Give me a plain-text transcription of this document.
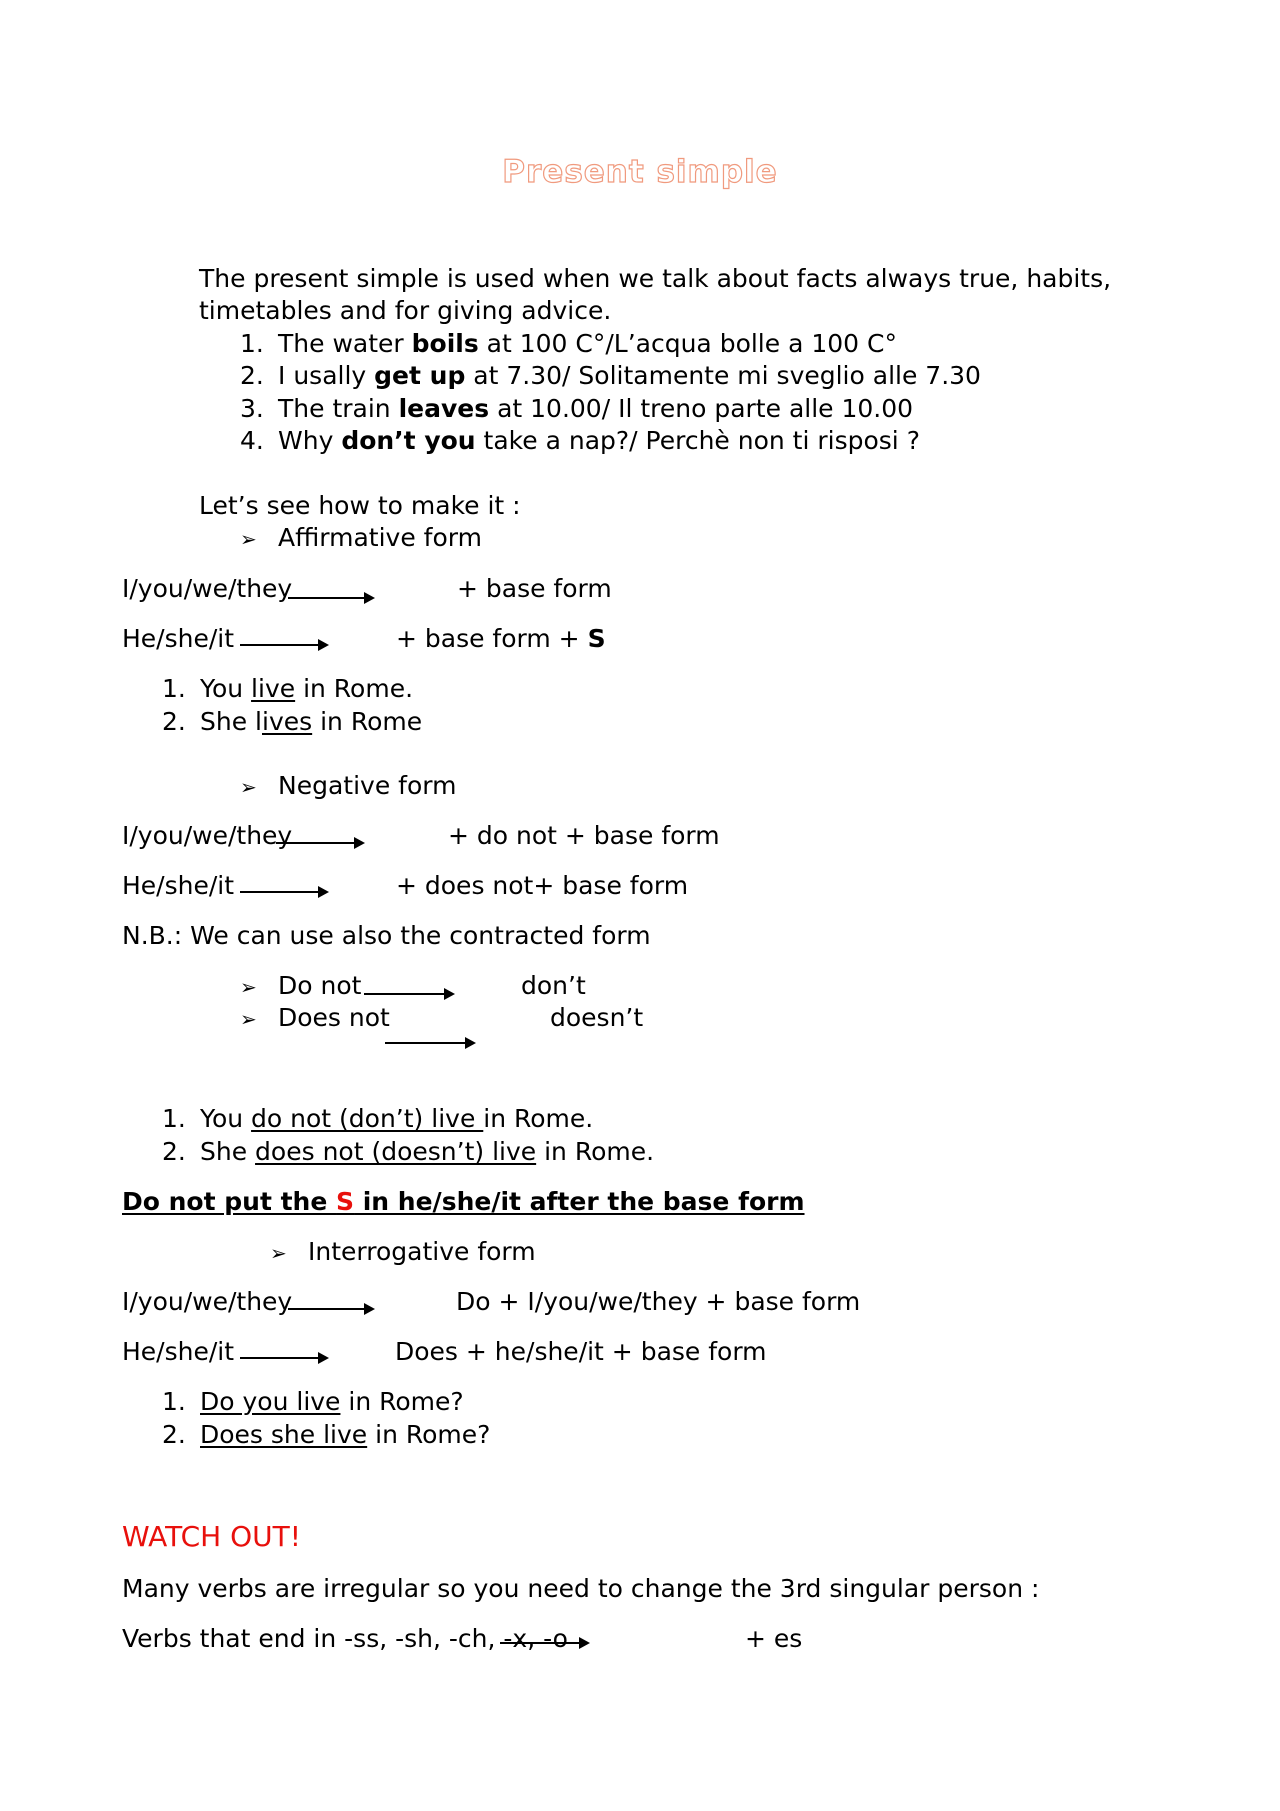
Present simple
The present simple is used when we talk about facts always true, habits,
timetables and for giving advice.
1. The water boils at 100 C°/L’acqua bolle a 100 C°
2. I usally get up at 7.30/ Solitamente mi sveglio alle 7.30
3. The train leaves at 10.00/ Il treno parte alle 10.00
4. Why don’t you take a nap?/ Perchè non ti risposi ?
Let’s see how to make it :
➢ Affirmative form
I/you/we/they	+ base form
He/she/it	+ base form + S
1. You live in Rome.
2. She lives in Rome
➢ Negative form
I/you/we/they	+ do not + base form
He/she/it	+ does not+ base form
N.B.: We can use also the contracted form
➢ Do not	don’t
➢ Does not	doesn’t
1. You do not (don’t) live in Rome.
2. She does not (doesn’t) live in Rome.
Do not put the S in he/she/it after the base form
➢ Interrogative form
I/you/we/they	Do + I/you/we/they + base form
He/she/it	Does + he/she/it + base form
1. Do you live in Rome?
2. Does she live in Rome?
WATCH OUT!
Many verbs are irregular so you need to change the 3rd singular person :
Verbs that end in -ss, -sh, -ch, -x, -o	+ es
